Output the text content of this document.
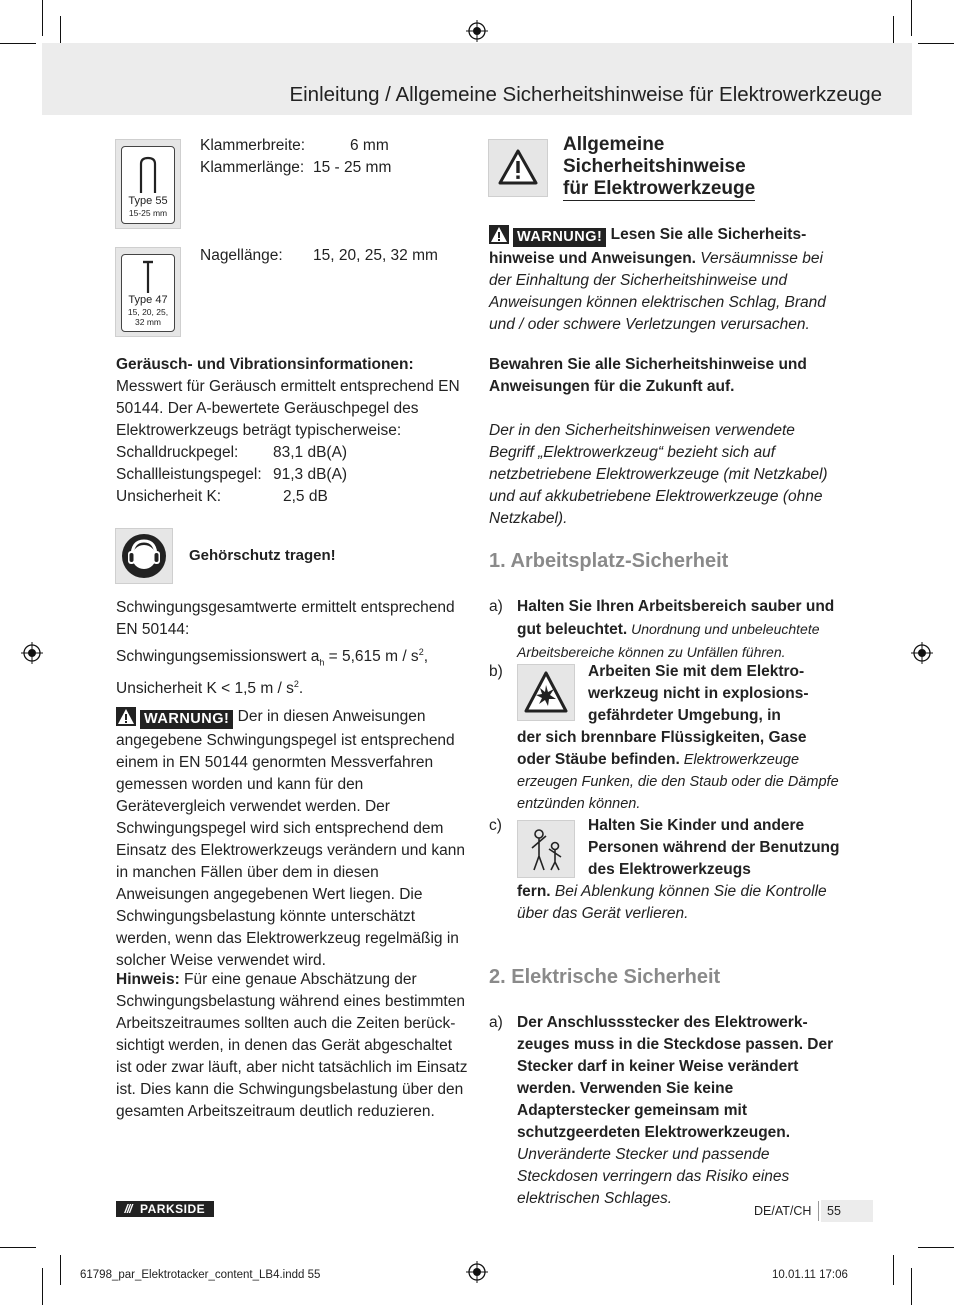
Einleitung / Allgemeine Sicherheitshinweise für Elektrowerkzeuge
Type 55
15-25 mm
Klammerbreite:	6 mm
Klammerlänge: 15 - 25 mm
Type 47
15, 20, 25,
32 mm
Nagellänge: 15, 20, 25, 32 mm

Geräusch- und Vibrationsinformationen:

Messwert für Geräusch ermittelt entsprechend EN 50144. Der A-bewertete Geräuschpegel des Elektrowerkzeugs beträgt typischerweise:

Schalldruckpegel: 83,1 dB(A)
Schallleistungspegel: 91,3 dB(A)
Unsicherheit K:	2,5 dB
Gehörschutz tragen!

Schwingungsgesamtwerte ermittelt entsprechend

EN 50144:

Schwingungsemissionswert $a_h = 5,615$ m / $s^2$,

Unsicherheit K < 1,5 m / $s^2$.

WARNUNG! Der in diesen Anweisungen angegebene Schwingungspegel ist entsprechend einem in EN 50144 genormten Messverfahren gemessen worden und kann für den Gerätevergleich verwendet werden. Der Schwingungspegel wird sich entsprechend dem Einsatz des Elektrowerkzeugs verändern und kann in manchen Fällen über dem in diesen Anweisungen angegebenen Wert liegen. Die Schwingungsbelastung könnte unterschätzt werden, wenn das Elektrowerkzeug regelmäßig in solcher Weise verwendet wird.

Hinweis: Für eine genaue Abschätzung der Schwingungsbelastung während eines bestimmten Arbeitszeitraumes sollten auch die Zeiten berücksichtigt werden, in denen das Gerät abgeschaltet ist oder zwar läuft, aber nicht tatsächlich im Einsatz ist. Dies kann die Schwingungsbelastung über den gesamten Arbeitszeitraum deutlich reduzieren.

Allgemeine
Sicherheitshinweise
für Elektrowerkzeuge

WARNUNG! Lesen Sie alle Sicherheitshinweise und Anweisungen. Versäumnisse bei der Einhaltung der Sicherheitshinweise und Anweisungen können elektrischen Schlag, Brand und / oder schwere Verletzungen verursachen.

Bewahren Sie alle Sicherheitshinweise und Anweisungen für die Zukunft auf.
Der in den Sicherheitshinweisen verwendete Begriff „Elektrowerkzeug“ bezieht sich auf netzbetriebene Elektrowerkzeuge (mit Netzkabel) und auf akkubetriebene Elektrowerkzeuge (ohne Netzkabel).
1. Arbeitsplatz-Sicherheit
a) Halten Sie Ihren Arbeitsbereich sauber und gut beleuchtet. Unordnung und unbeleuchtete Arbeitsbereiche können zu Unfällen führen.
b)	Arbeiten Sie mit dem Elektrowerkzeug nicht in explosionsgefährdeter Umgebung, in
der sich brennbare Flüssigkeiten, Gase oder Stäube befinden. Elektrowerkzeuge erzeugen Funken, die den Staub oder die Dämpfe entzünden können.
c)	Halten Sie Kinder und andere Personen während der Benutzung des Elektrowerkzeugs
fern. Bei Ablenkung können Sie die Kontrolle über das Gerät verlieren.
2. Elektrische Sicherheit
a) Der Anschlussstecker des Elektrowerkzeuges muss in die Steckdose passen. Der Stecker darf in keiner Weise verändert werden. Verwenden Sie keine Adapterstecker gemeinsam mit schutzgeerdeten Elektrowerkzeugen.
Unveränderte Stecker und passende Steckdosen verringern das Risiko eines elektrischen Schlages.
/// PARKSIDE	DE/AT/CH 55
61798_par_Elektrotacker_content_LB4.indd 55	10.01.11 17:06
